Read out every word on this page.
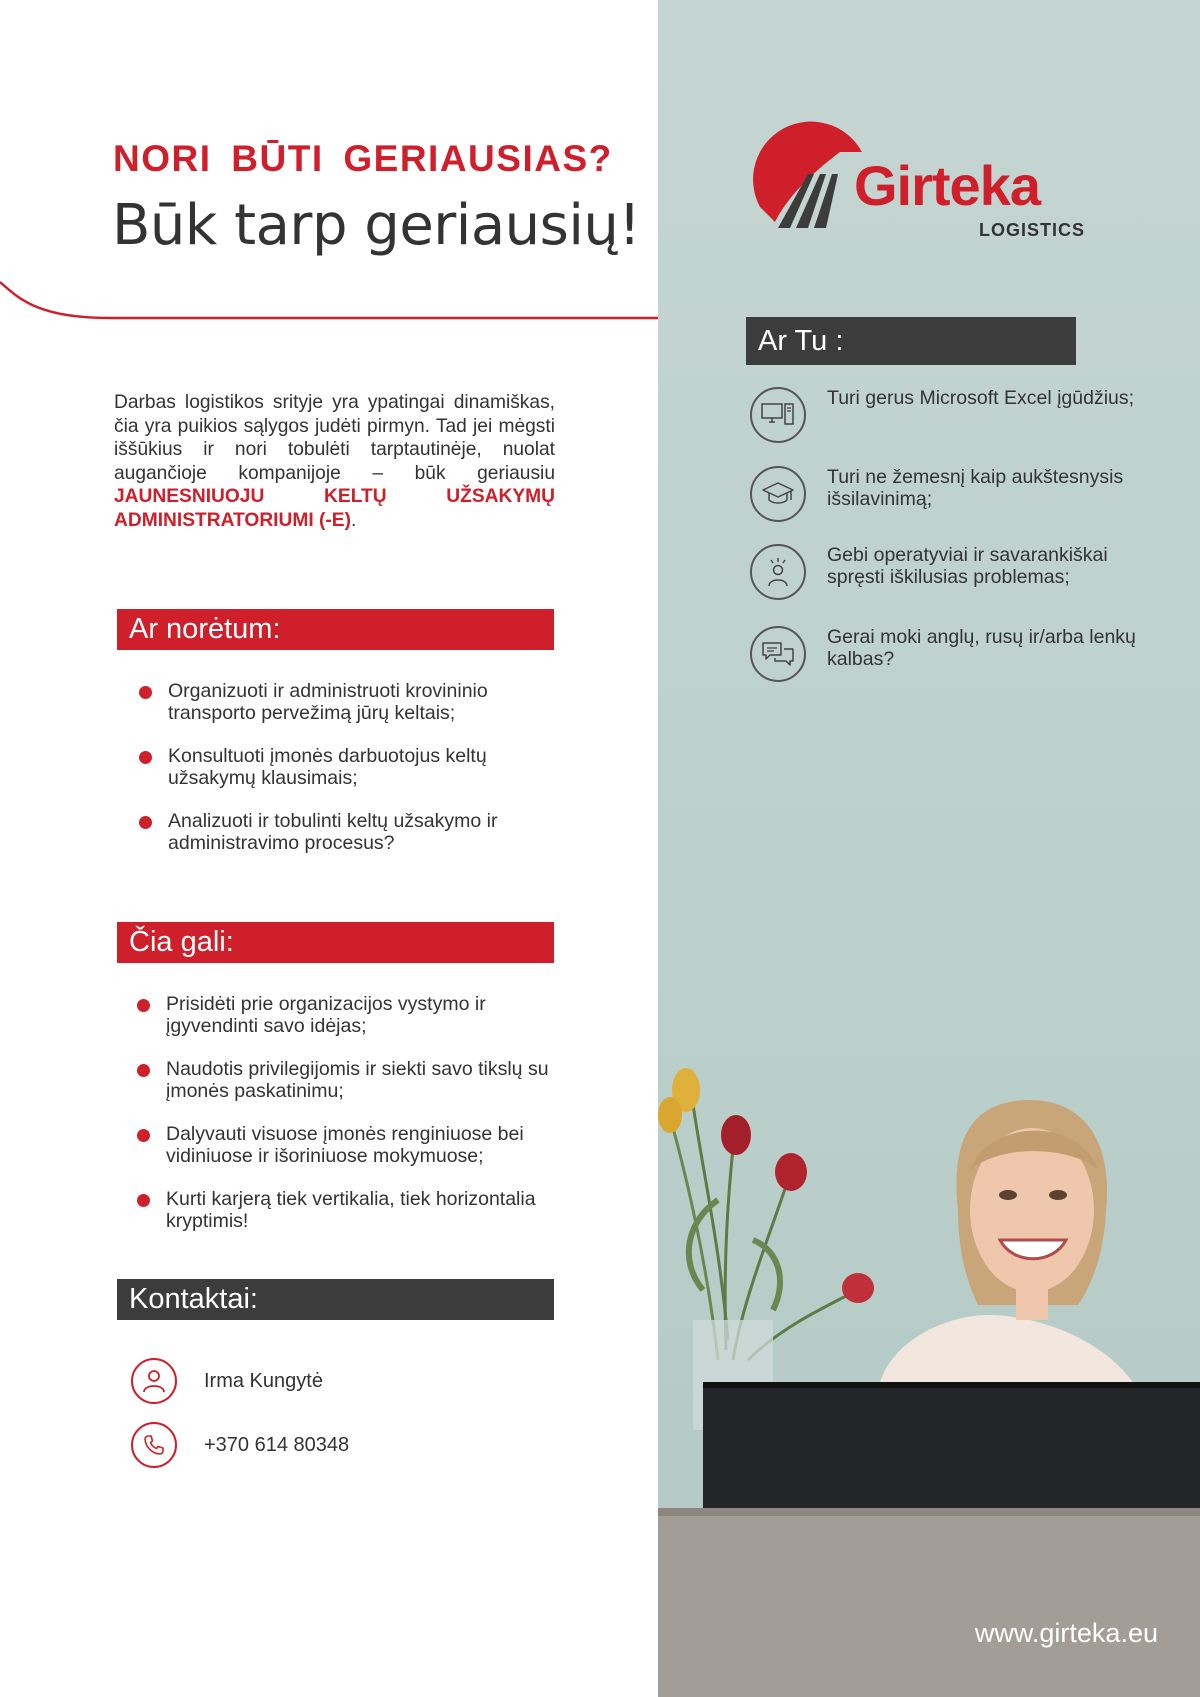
NORI BŪTI GERIAUSIAS?
Būk tarp geriausių!
Darbas logistikos srityje yra ypatingai dinamiškas, čia yra puikios sąlygos judėti pirmyn. Tad jei mėgsti iššūkius ir nori tobulėti tarptautinėje, nuolat augančioje kompanijoje – būk geriausiu JAUNESNIUOJU KELTŲ UŽSAKYMŲ ADMINISTRATORIUMI (-E).
Ar norėtum:
Organizuoti ir administruoti krovininio transporto pervežimą jūrų keltais;
Konsultuoti įmonės darbuotojus keltų užsakymų klausimais;
Analizuoti ir tobulinti keltų užsakymo ir administravimo procesus?
Čia gali:
Prisidėti prie organizacijos vystymo ir įgyvendinti savo idėjas;
Naudotis privilegijomis ir siekti savo tikslų su įmonės paskatinimu;
Dalyvauti visuose įmonės renginiuose bei vidiniuose ir išoriniuose mokymuose;
Kurti karjerą tiek vertikalia, tiek horizontalia kryptimis!
Kontaktai:
Irma Kungytė
+370 614 80348
Girteka
LOGISTICS
Ar Tu :
Turi gerus Microsoft Excel įgūdžius;
Turi ne žemesnį kaip aukštesnysis išsilavinimą;
Gebi operatyviai ir savarankiškai spręsti iškilusias problemas;
Gerai moki anglų, rusų ir/arba lenkų kalbas?
www.girteka.eu
